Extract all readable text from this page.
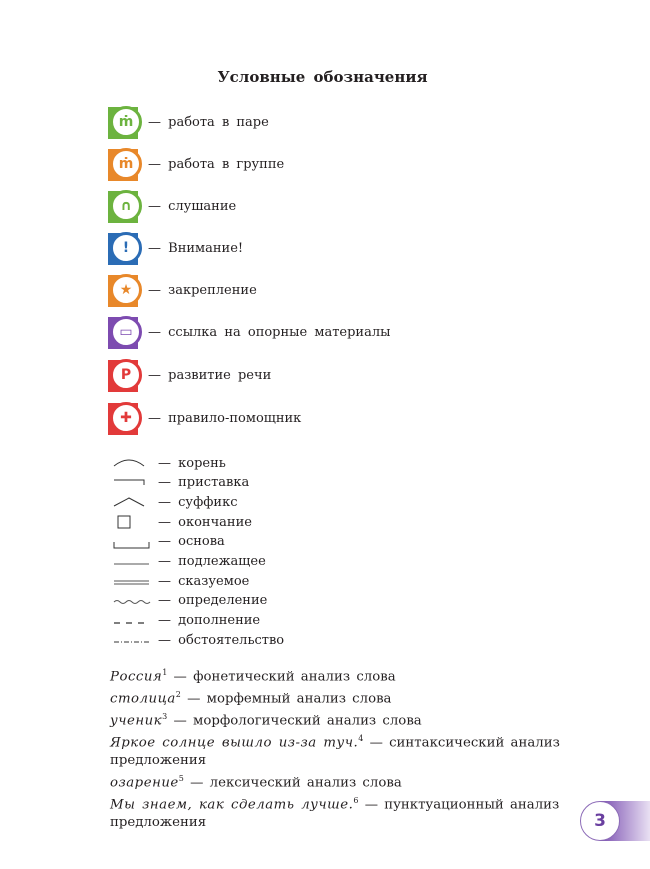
Условные обозначения
ṁ	— работа в паре
ṁ	— работа в группе
∩	— слушание
!	— Внимание!
★	— закрепление
▭	— ссылка на опорные материалы
P	— развитие речи
✚	— правило-помощник
— корень
— приставка
— суффикс
— окончание
— основа
— подлежащее
— сказуемое
— определение
— дополнение
— обстоятельство
Россия$^1$ — фонетический анализ слова
столица$^2$ — морфемный анализ слова
ученик$^3$ — морфологический анализ слова
Яркое солнце вышло из-за туч.$^4$ — синтаксический анализ предложения
озарение$^5$ — лексический анализ слова
Мы знаем, как сделать лучше.$^6$ — пунктуационный анализ предложения	3
